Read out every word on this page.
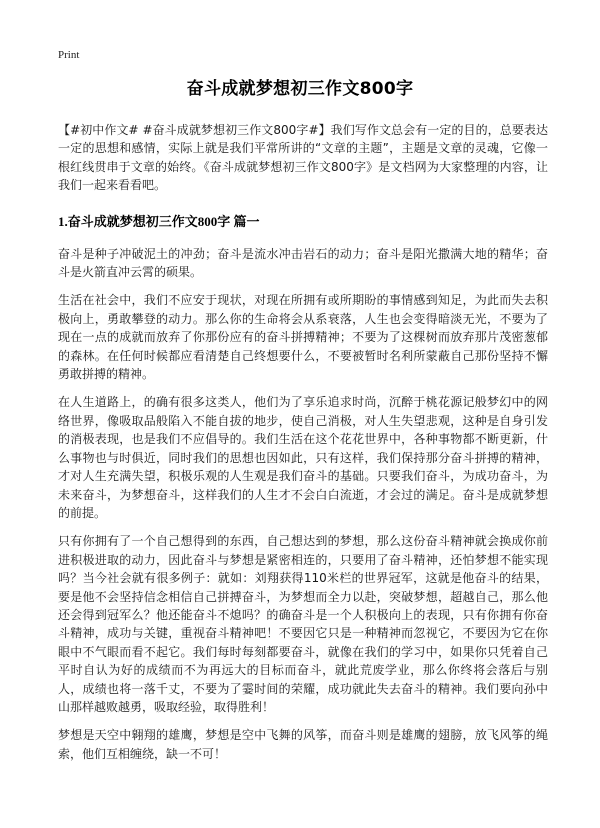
Print

奋斗成就梦想初三作文800字

【#初中作文# #奋斗成就梦想初三作文800字#】我们写作文总会有一定的目的，总要表达一定的思想和感情，实际上就是我们平常所讲的“文章的主题”，主题是文章的灵魂，它像一根红线贯串于文章的始终。《奋斗成就梦想初三作文800字》是文档网为大家整理的内容，让我们一起来看看吧。

1.奋斗成就梦想初三作文800字 篇一

奋斗是种子冲破泥土的冲劲；奋斗是流水冲击岩石的动力；奋斗是阳光撒满大地的精华；奋斗是火箭直冲云霄的硕果。

生活在社会中，我们不应安于现状，对现在所拥有或所期盼的事情感到知足，为此而失去积极向上，勇敢攀登的动力。那么你的生命将会从系衰落，人生也会变得暗淡无光，不要为了现在一点的成就而放弃了你那份应有的奋斗拼搏精神；不要为了这棵树而放弃那片茂密葱郁的森林。在任何时候都应看清楚自己终想要什么，不要被暂时名利所蒙蔽自己那份坚持不懈勇敢拼搏的精神。

在人生道路上，的确有很多这类人，他们为了享乐追求时尚，沉醉于桃花源记般梦幻中的网络世界，像吸取品般陷入不能自拔的地步，使自己消极，对人生失望悲观，这种是自身引发的消极表现，也是我们不应倡导的。我们生活在这个花花世界中，各种事物都不断更新，什么事物也与时俱近，同时我们的思想也因如此，只有这样，我们保持那分奋斗拼搏的精神，才对人生充满失望，积极乐观的人生观是我们奋斗的基础。只要我们奋斗，为成功奋斗，为未来奋斗，为梦想奋斗，这样我们的人生才不会白白流逝，才会过的满足。奋斗是成就梦想的前提。

只有你拥有了一个自己想得到的东西，自己想达到的梦想，那么这份奋斗精神就会换成你前进积极进取的动力，因此奋斗与梦想是紧密相连的，只要用了奋斗精神，还怕梦想不能实现吗？当今社会就有很多例子：就如：刘翔获得110米栏的世界冠军，这就是他奋斗的结果，要是他不会坚持信念相信自己拼搏奋斗，为梦想而全力以赴，突破梦想，超越自己，那么他还会得到冠军么？他还能奋斗不熄吗？的确奋斗是一个人积极向上的表现，只有你拥有你奋斗精神，成功与关键，重视奋斗精神吧！不要因它只是一种精神而忽视它，不要因为它在你眼中不气眼而看不起它。我们每时每刻都要奋斗，就像在我们的学习中，如果你只凭着自己平时自认为好的成绩而不为再远大的目标而奋斗，就此荒废学业，那么你终将会落后与别人，成绩也将一落千丈，不要为了霎时间的荣耀，成功就此失去奋斗的精神。我们要向孙中山那样越败越勇，吸取经验，取得胜利！

梦想是天空中翱翔的雄鹰，梦想是空中飞舞的风筝，而奋斗则是雄鹰的翅膀，放飞风筝的绳索，他们互相缠绕，缺一不可！
